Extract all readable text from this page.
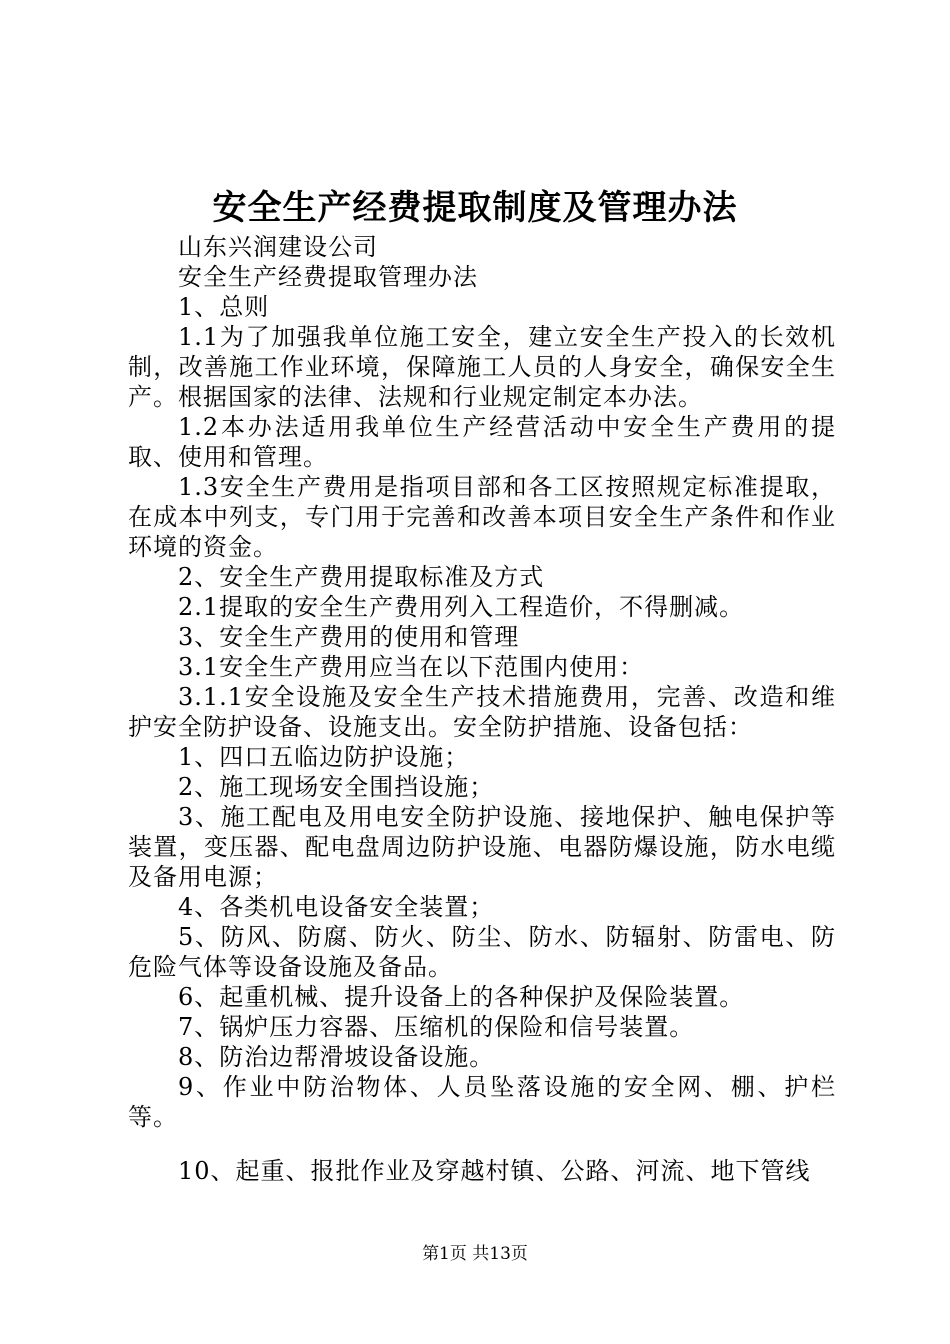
安全生产经费提取制度及管理办法

山东兴润建设公司

安全生产经费提取管理办法

1、总则

1.1为了加强我单位施工安全，建立安全生产投入的长效机制，改善施工作业环境，保障施工人员的人身安全，确保安全生产。根据国家的法律、法规和行业规定制定本办法。

1.2本办法适用我单位生产经营活动中安全生产费用的提取、使用和管理。

1.3安全生产费用是指项目部和各工区按照规定标准提取，在成本中列支，专门用于完善和改善本项目安全生产条件和作业环境的资金。

2、安全生产费用提取标准及方式

2.1提取的安全生产费用列入工程造价，不得删减。

3、安全生产费用的使用和管理

3.1安全生产费用应当在以下范围内使用：

3.1.1安全设施及安全生产技术措施费用，完善、改造和维护安全防护设备、设施支出。安全防护措施、设备包括：

1、四口五临边防护设施；

2、施工现场安全围挡设施；

3、施工配电及用电安全防护设施、接地保护、触电保护等装置，变压器、配电盘周边防护设施、电器防爆设施，防水电缆及备用电源；

4、各类机电设备安全装置；

5、防风、防腐、防火、防尘、防水、防辐射、防雷电、防危险气体等设备设施及备品。

6、起重机械、提升设备上的各种保护及保险装置。

7、锅炉压力容器、压缩机的保险和信号装置。

8、防治边帮滑坡设备设施。

9、作业中防治物体、人员坠落设施的安全网、棚、护栏等。

10、起重、报批作业及穿越村镇、公路、河流、地下管线

第1页 共13页
